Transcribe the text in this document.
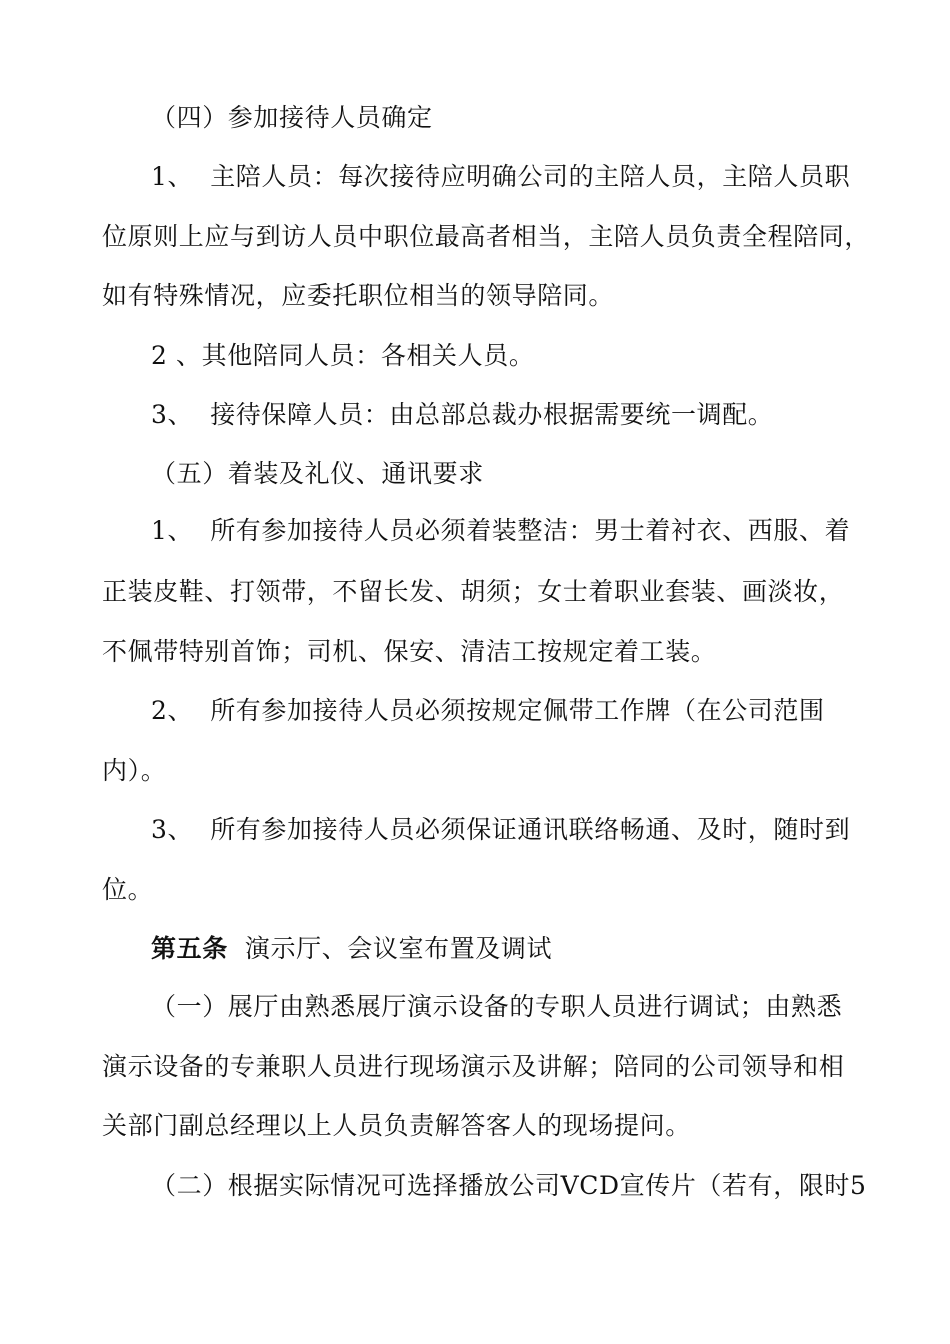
（四）参加接待人员确定
1、  主陪人员：每次接待应明确公司的主陪人员，主陪人员职
位原则上应与到访人员中职位最高者相当，主陪人员负责全程陪同，
如有特殊情况，应委托职位相当的领导陪同。
2 、其他陪同人员：各相关人员。
3、  接待保障人员：由总部总裁办根据需要统一调配。
（五）着装及礼仪、通讯要求
1、  所有参加接待人员必须着装整洁：男士着衬衣、西服、着
正装皮鞋、打领带，不留长发、胡须；女士着职业套装、画淡妆，
不佩带特别首饰；司机、保安、清洁工按规定着工装。
2、  所有参加接待人员必须按规定佩带工作牌（在公司范围
内）。
3、  所有参加接待人员必须保证通讯联络畅通、及时，随时到
位。
第五条 演示厅、会议室布置及调试
（一）展厅由熟悉展厅演示设备的专职人员进行调试；由熟悉
演示设备的专兼职人员进行现场演示及讲解；陪同的公司领导和相
关部门副总经理以上人员负责解答客人的现场提问。
（二）根据实际情况可选择播放公司VCD宣传片（若有，限时5
